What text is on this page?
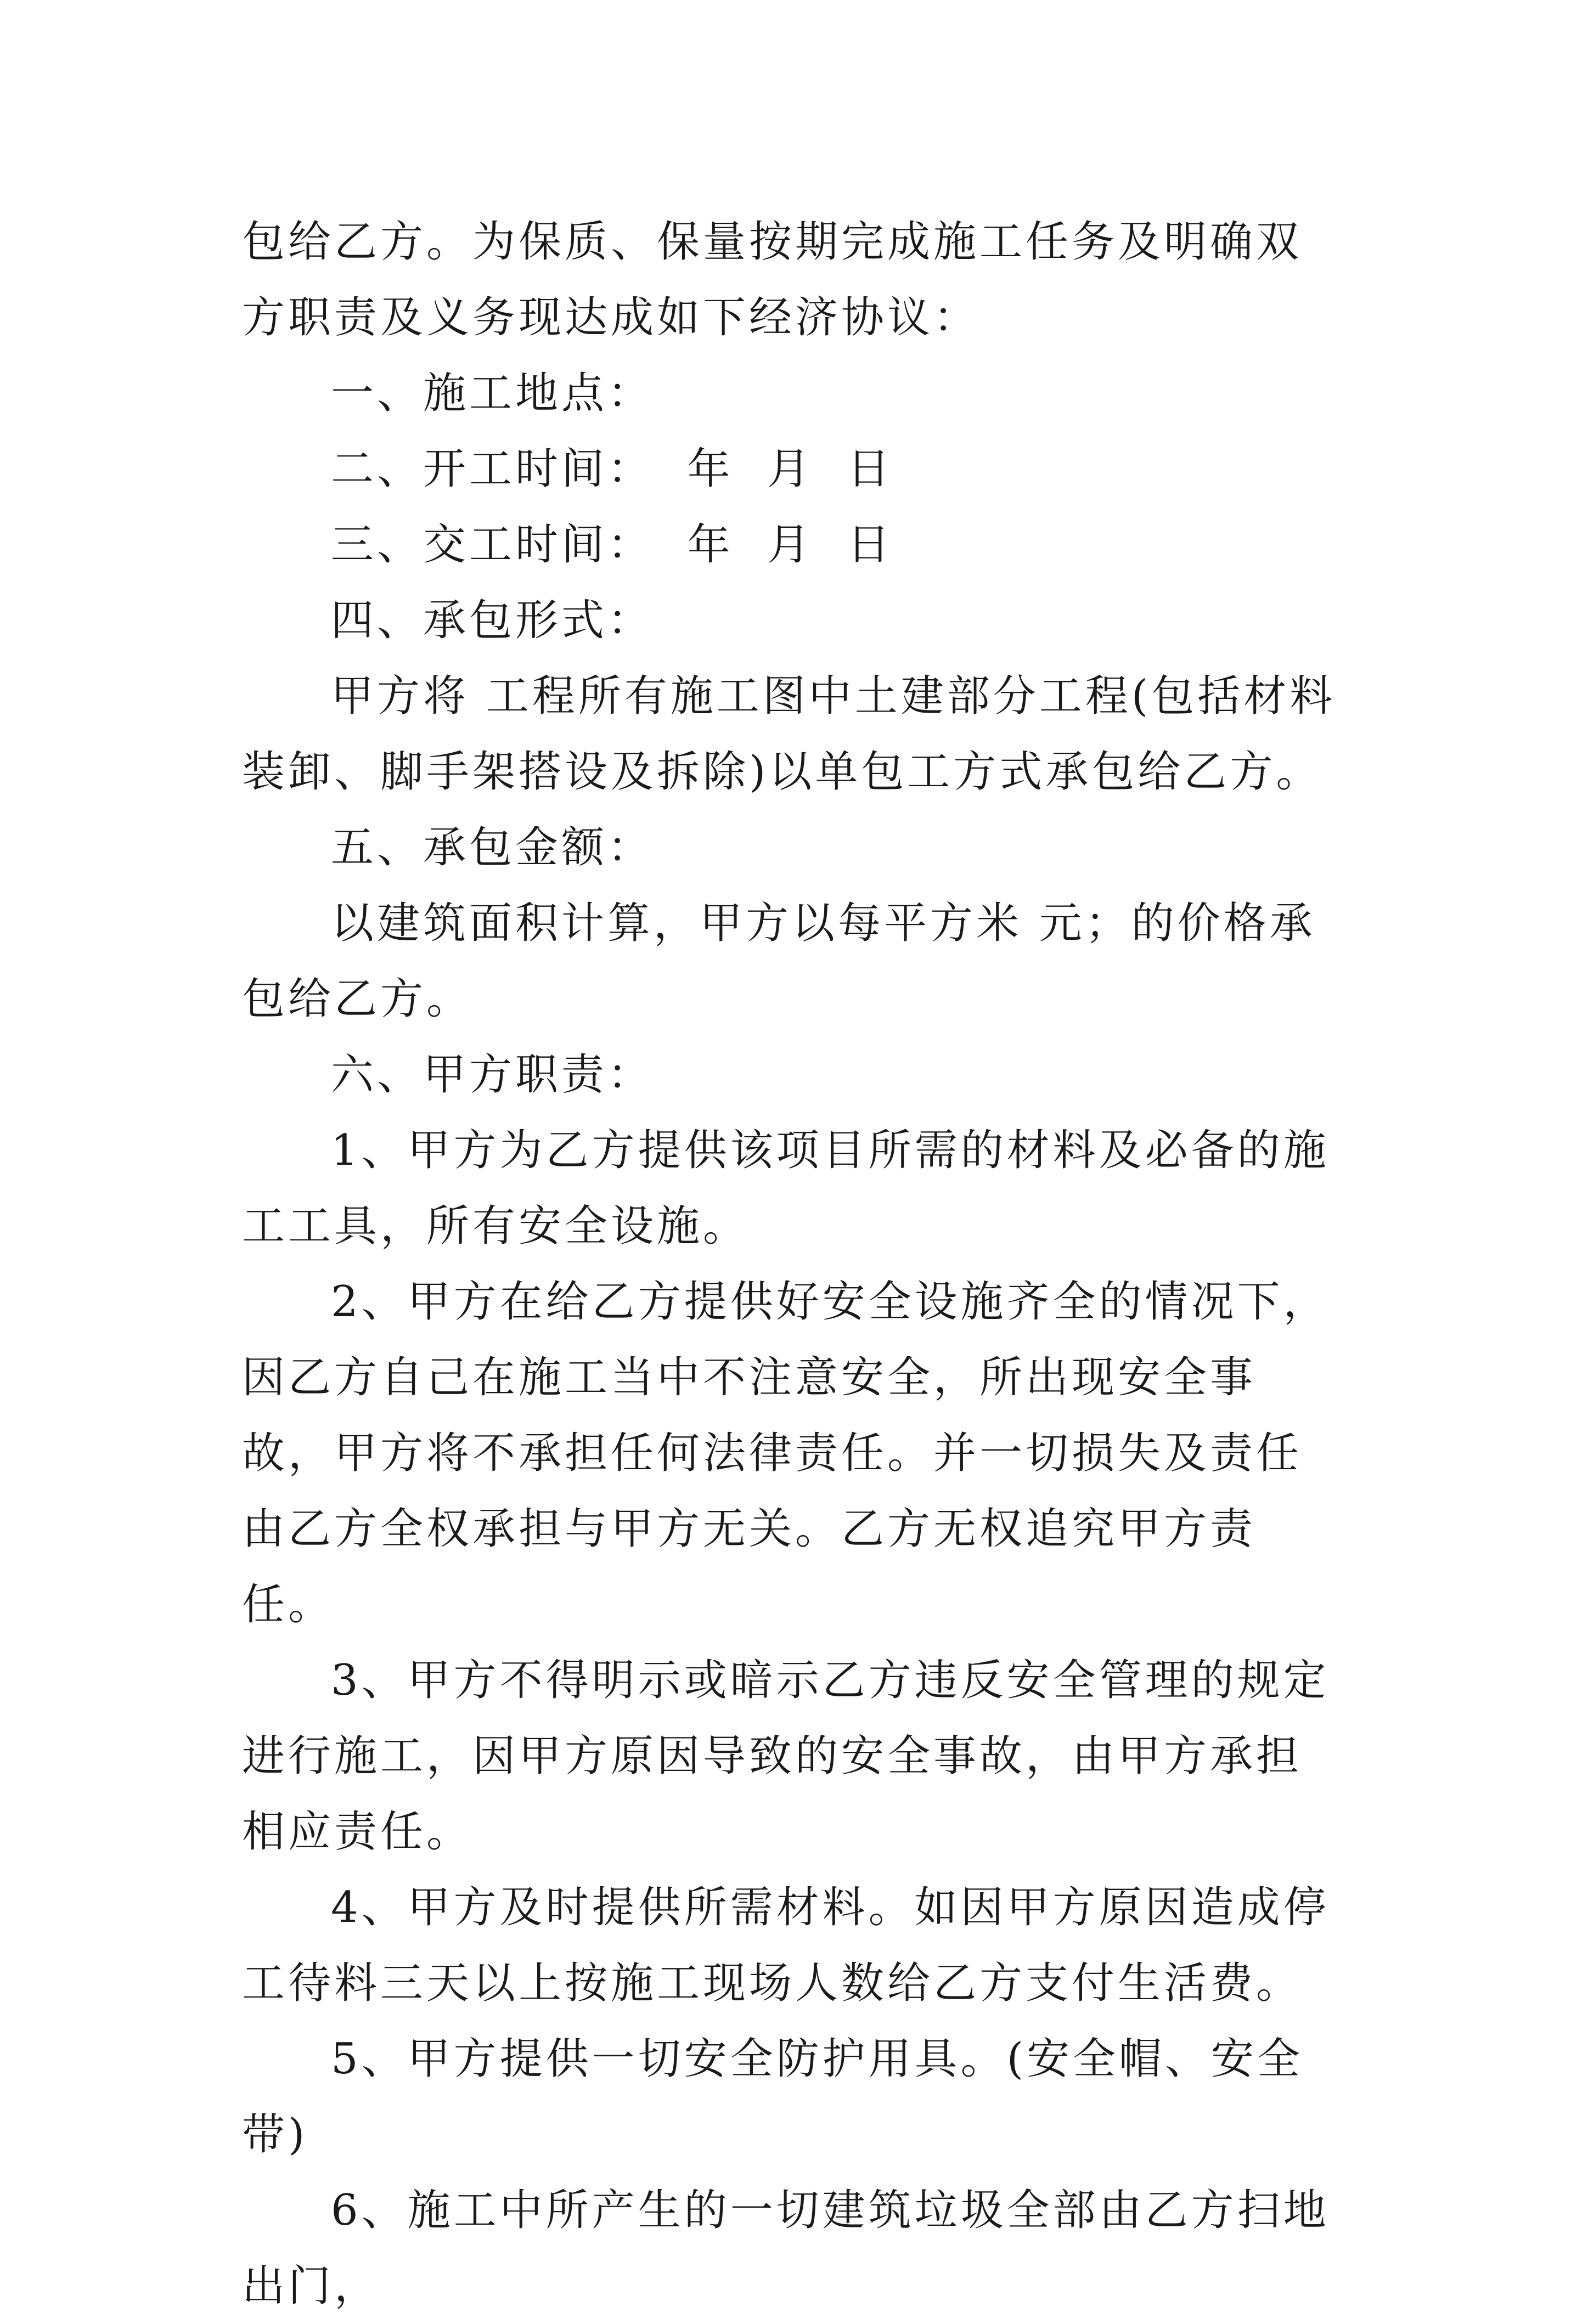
包给乙方。为保质、保量按期完成施工任务及明确双方职责及义务现达成如下经济协议：

一、施工地点：

二、开工时间：  年  月  日

三、交工时间：  年  月  日

四、承包形式：

甲方将 工程所有施工图中土建部分工程(包括材料装卸、脚手架搭设及拆除)以单包工方式承包给乙方。

五、承包金额：

以建筑面积计算，甲方以每平方米 元；的价格承包给乙方。

六、甲方职责：

1、甲方为乙方提供该项目所需的材料及必备的施工工具，所有安全设施。

2、甲方在给乙方提供好安全设施齐全的情况下，因乙方自己在施工当中不注意安全，所出现安全事故，甲方将不承担任何法律责任。并一切损失及责任由乙方全权承担与甲方无关。乙方无权追究甲方责任。

3、甲方不得明示或暗示乙方违反安全管理的规定进行施工，因甲方原因导致的安全事故，由甲方承担相应责任。

4、甲方及时提供所需材料。如因甲方原因造成停工待料三天以上按施工现场人数给乙方支付生活费。

5、甲方提供一切安全防护用具。(安全帽、安全带)

6、施工中所产生的一切建筑垃圾全部由乙方扫地出门，
